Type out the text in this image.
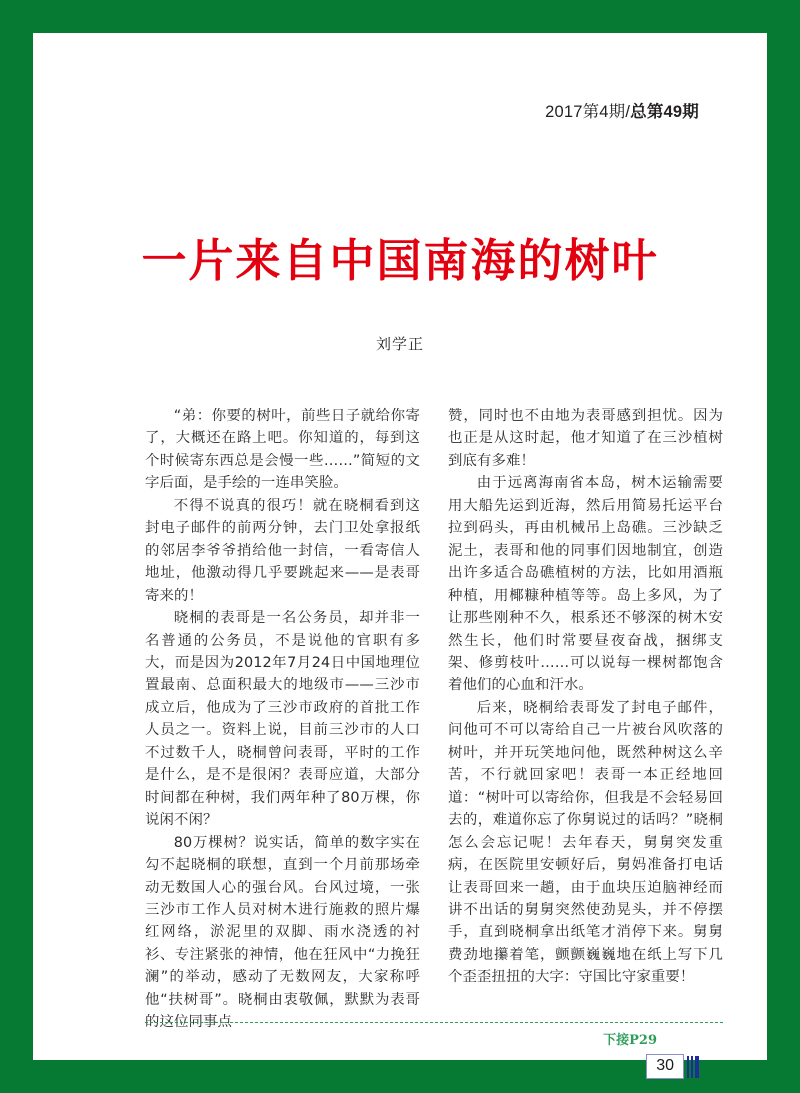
2017第4期/总第49期
一片来自中国南海的树叶
刘学正

“弟：你要的树叶，前些日子就给你寄了，大概还在路上吧。你知道的，每到这个时候寄东西总是会慢一些……”简短的文字后面，是手绘的一连串笑脸。

不得不说真的很巧！就在晓桐看到这封电子邮件的前两分钟，去门卫处拿报纸的邻居李爷爷捎给他一封信，一看寄信人地址，他激动得几乎要跳起来——是表哥寄来的！

晓桐的表哥是一名公务员，却并非一名普通的公务员，不是说他的官职有多大，而是因为2012年7月24日中国地理位置最南、总面积最大的地级市——三沙市成立后，他成为了三沙市政府的首批工作人员之一。资料上说，目前三沙市的人口不过数千人，晓桐曾问表哥，平时的工作是什么，是不是很闲？表哥应道，大部分时间都在种树，我们两年种了80万棵，你说闲不闲？

80万棵树？说实话，简单的数字实在勾不起晓桐的联想，直到一个月前那场牵动无数国人心的强台风。台风过境，一张三沙市工作人员对树木进行施救的照片爆红网络，淤泥里的双脚、雨水浇透的衬衫、专注紧张的神情，他在狂风中“力挽狂澜”的举动，感动了无数网友，大家称呼他“扶树哥”。晓桐由衷敬佩，默默为表哥的这位同事点

赞，同时也不由地为表哥感到担忧。因为也正是从这时起，他才知道了在三沙植树到底有多难！

由于远离海南省本岛，树木运输需要用大船先运到近海，然后用简易托运平台拉到码头，再由机械吊上岛礁。三沙缺乏泥土，表哥和他的同事们因地制宜，创造出许多适合岛礁植树的方法，比如用酒瓶种植，用椰糠种植等等。岛上多风，为了让那些刚种不久，根系还不够深的树木安然生长，他们时常要昼夜奋战，捆绑支架、修剪枝叶……可以说每一棵树都饱含着他们的心血和汗水。

后来，晓桐给表哥发了封电子邮件，问他可不可以寄给自己一片被台风吹落的树叶，并开玩笑地问他，既然种树这么辛苦，不行就回家吧！表哥一本正经地回道：“树叶可以寄给你，但我是不会轻易回去的，难道你忘了你舅说过的话吗？”晓桐怎么会忘记呢！去年春天，舅舅突发重病，在医院里安顿好后，舅妈准备打电话让表哥回来一趟，由于血块压迫脑神经而讲不出话的舅舅突然使劲晃头，并不停摆手，直到晓桐拿出纸笔才消停下来。舅舅费劲地攥着笔，颤颤巍巍地在纸上写下几个歪歪扭扭的大字：守国比守家重要！

下接P29
30
